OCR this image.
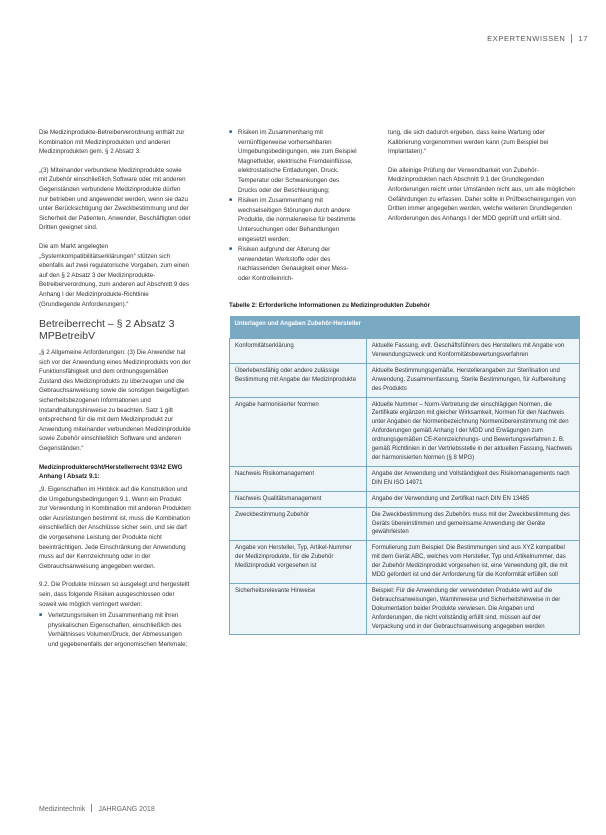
EXPERTENWISSEN 17

Die Medizinprodukte-Betreiberverordnung enthält zur Kombination mit Medizinprodukten und anderen Medizinprodukten gem. § 2 Absatz 3:

„(3) Miteinander verbundene Medizinprodukte sowie mit Zubehör einschließlich Software oder mit anderen Gegenständen verbundene Medizinprodukte dürfen nur betrieben und angewendet werden, wenn sie dazu unter Berücksichtigung der Zweckbestimmung und der Sicherheit der Patienten, Anwender, Beschäftigten oder Dritten geeignet sind.

Die am Markt angelegten „Systemkompatibilitätserklärungen“ stützen sich ebenfalls auf zwei regulatorische Vorgaben, zum einen auf den § 2 Absatz 3 der Medizinprodukte-Betreiberverordnung, zum anderen auf Abschnitt 9 des Anhang I der Medizinprodukte-Richtlinie (Grundlegende Anforderungen).“

Betreiberrecht – § 2 Absatz 3 MPBetreibV

„§ 2 Allgemeine Anforderungen: (3) Die Anwender hat sich vor der Anwendung eines Medizinprodukts von der Funktionsfähigkeit und dem ordnungsgemäßen Zustand des Medizinprodukts zu überzeugen und die Gebrauchsanweisung sowie die sonstigen beigefügten sicherheitsbezogenen Informationen und Instandhaltungshinweise zu beachten. Satz 1 gilt entsprechend für die mit dem Medizinprodukt zur Anwendung miteinander verbundenen Medizinprodukte sowie Zubehör einschließlich Software und anderen Gegenständen.“

Medizinprodukterecht/Herstellerrecht 93/42 EWG Anhang I Absatz 9.1:

„9. Eigenschaften im Hinblick auf die Konstruktion und die Umgebungsbedingungen 9.1. Wenn ein Produkt zur Verwendung in Kombination mit anderen Produkten oder Ausrüstungen bestimmt ist, muss die Kombination einschließlich der Anschlüsse sicher sein, und sie darf die vorgesehene Leistung der Produkte nicht beeinträchtigen. Jede Einschränkung der Anwendung muss auf der Kennzeichnung oder in der Gebrauchsanweisung angegeben werden.

9.2. Die Produkte müssen so ausgelegt und hergestellt sein, dass folgende Risiken ausgeschlossen oder soweit wie möglich verringert werden:

■ Verletzungsrisiken im Zusammenhang mit ihren physikalischen Eigenschaften, einschließlich des Verhältnisses Volumen/Druck, der Abmessungen und gegebenenfalls der ergonomischen Merkmale;
■ Risiken im Zusammenhang mit vernünftigerweise vorhersehbaren Umgebungsbedingungen, wie zum Beispiel Magnetfelder, elektrische Fremdeinflüsse, elektrostatische Entladungen, Druck, Temperatur oder Schwankungen des Drucks oder der Beschleunigung;
■ Risiken im Zusammenhang mit wechselseitigen Störungen durch andere Produkte, die normalerweise für bestimmte Untersuchungen oder Behandlungen eingesetzt werden;
■ Risiken aufgrund der Alterung der verwendeten Werkstoffe oder des nachlassenden Genauigkeit einer Mess- oder Kontrolleinrich-

tung, die sich dadurch ergeben, dass keine Wartung oder Kalibrierung vorgenommen werden kann (zum Beispiel bei Implantaten).“

Die alleinige Prüfung der Verwendbarkeit von Zubehör-Medizinprodukten nach Abschnitt 9.1 der Grundlegenden Anforderungen reicht unter Umständen nicht aus, um alle möglichen Gefährdungen zu erfassen. Daher sollte in Prüfbescheinigungen von Dritten immer angegeben werden, welche weiteren Grundlegenden Anforderungen des Anhangs I der MDD geprüft und erfüllt sind.

Tabelle 2: Erforderliche Informationen zu Medizinprodukten Zubehör
Unterlagen und Angaben Zubehör-Hersteller	
Konformitätserklärung	Aktuelle Fassung, evtl. Geschäftsführers des Herstellers mit Angabe von Verwendungszweck und Konformitätsbewertungsverfahren
Überlebensfähig oder andere zulässige Bestimmung mit Angabe der Medizinprodukte	Aktuelle Bestimmungsgemäße, Herstellerangaben zur Sterilisation und Anwendung, Zusammenfassung, Sterile Bestimmungen, für Aufbereitung des Produkts
Angabe harmonisierter Normen	Aktuelle Nummer – Norm-Vertretung der einschlägigen Normen, die Zertifikate ergänzen mit gleicher Wirksamkeit, Normen für den Nachweis unter Angaben der Normenbezeichnung Normenübereinstimmung mit den Anforderungen gemäß Anhang I der MDD und Erwägungen zum ordnungsgemäßen CE-Kennzeichnungs- und Bewertungsverfahren z. B. gemäß Richtlinien in der Vertriebsstelle in der aktuellen Fassung, Nachweis der harmonisierten Normen (§ 8 MPG)
Nachweis Risikomanagement	Angabe der Anwendung und Vollständigkeit des Risikomanagements nach DIN EN ISO 14971
Nachweis Qualitätsmanagement	Angabe der Verwendung und Zertifikat nach DIN EN 13485
Zweckbestimmung Zubehör	Die Zweckbestimmung des Zubehörs muss mit der Zweckbestimmung des Geräts übereinstimmen und gemeinsame Anwendung der Geräte gewährleisten
Angabe von Hersteller, Typ, Artikel-Nummer der Medizinprodukte, für die Zubehör Medizinprodukt vorgesehen ist	Formulierung zum Beispiel: Die Bestimmungen sind aus XYZ kompatibel mit dem Gerät ABC, welches vom Hersteller, Typ und Artikelnummer, das der Zubehör Medizinprodukt vorgesehen ist, eine Verwendung gilt, die mit MDD gefordert ist und der Anforderung für die Konformität erfüllen soll
Sicherheitsrelevante Hinweise	Beispiel: Für die Anwendung der verwendeten Produkte wird auf die Gebrauchsanweisungen, Warnhinweise und Sicherheitshinweise in der Dokumentation beider Produkte verwiesen. Die Angaben und Anforderungen, die nicht vollständig erfüllt sind, müssen auf der Verpackung und in der Gebrauchsanweisung angegeben werden
Medizintechnik JAHRGANG 2018
